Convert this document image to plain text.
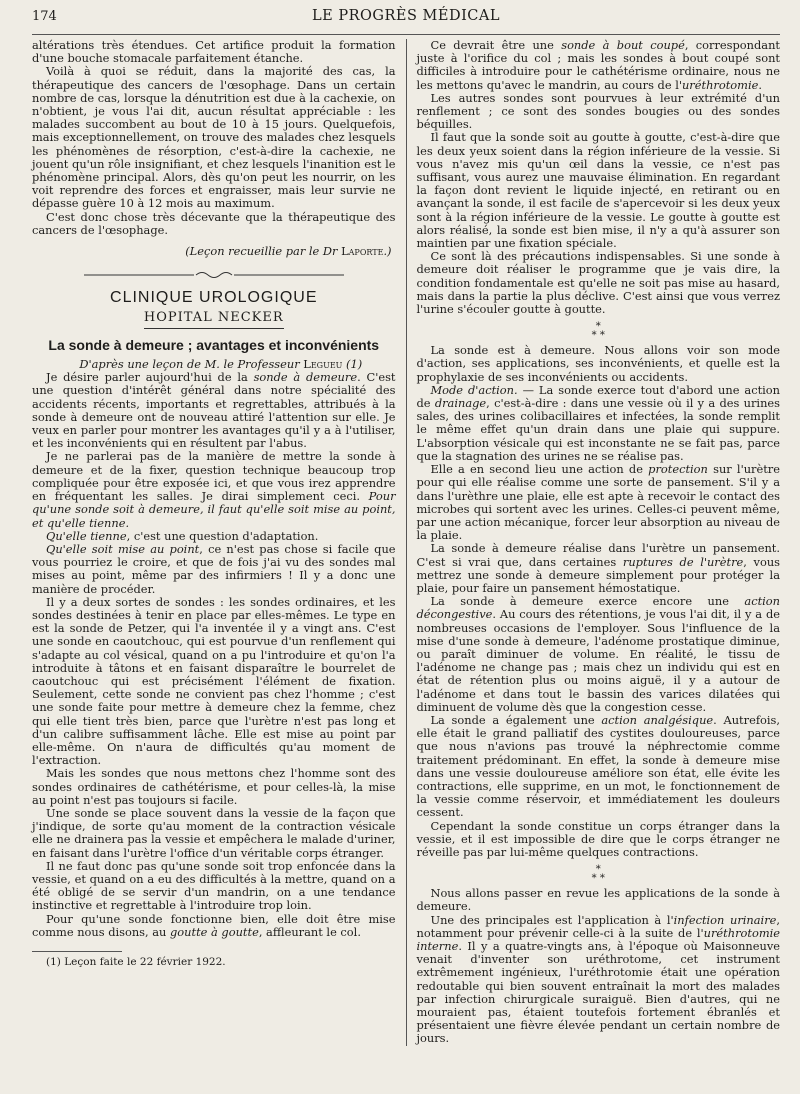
174	LE PROGRÈS MÉDICAL

altérations très étendues. Cet artifice produit la formation d'une bouche stomacale parfaitement étanche.

Voilà à quoi se réduit, dans la majorité des cas, la thérapeutique des cancers de l'œsophage. Dans un certain nombre de cas, lorsque la dénutrition est due à la cachexie, on n'obtient, je vous l'ai dit, aucun résultat appréciable : les malades succombent au bout de 10 à 15 jours. Quelquefois, mais exceptionnellement, on trouve des malades chez lesquels les phénomènes de résorption, c'est-à-dire la cachexie, ne jouent qu'un rôle insignifiant, et chez lesquels l'inanition est le phénomène principal. Alors, dès qu'on peut les nourrir, on les voit reprendre des forces et engraisser, mais leur survie ne dépasse guère 10 à 12 mois au maximum.

C'est donc chose très décevante que la thérapeutique des cancers de l'œsophage.

(Leçon recueillie par le Dr Laporte.)

CLINIQUE UROLOGIQUE
HOPITAL NECKER
La sonde à demeure ; avantages et inconvénients

D'après une leçon de M. le Professeur Legueu (1)

Je désire parler aujourd'hui de la sonde à demeure. C'est une question d'intérêt général dans notre spécialité des accidents récents, importants et regrettables, attribués à la sonde à demeure ont de nouveau attiré l'attention sur elle. Je veux en parler pour montrer les avantages qu'il y a à l'utiliser, et les inconvénients qui en résultent par l'abus.

Je ne parlerai pas de la manière de mettre la sonde à demeure et de la fixer, question technique beaucoup trop compliquée pour être exposée ici, et que vous irez apprendre en fréquentant les salles. Je dirai simplement ceci. Pour qu'une sonde soit à demeure, il faut qu'elle soit mise au point, et qu'elle tienne.

Qu'elle tienne, c'est une question d'adaptation.

Qu'elle soit mise au point, ce n'est pas chose si facile que vous pourriez le croire, et que de fois j'ai vu des sondes mal mises au point, même par des infirmiers ! Il y a donc une manière de procéder.

Il y a deux sortes de sondes : les sondes ordinaires, et les sondes destinées à tenir en place par elles-mêmes. Le type en est la sonde de Petzer, qui l'a inventée il y a vingt ans. C'est une sonde en caoutchouc, qui est pourvue d'un renflement qui s'adapte au col vésical, quand on a pu l'introduire et qu'on l'a introduite à tâtons et en faisant disparaître le bourrelet de caoutchouc qui est précisément l'élément de fixation. Seulement, cette sonde ne convient pas chez l'homme ; c'est une sonde faite pour mettre à demeure chez la femme, chez qui elle tient très bien, parce que l'urètre n'est pas long et d'un calibre suffisamment lâche. Elle est mise au point par elle-même. On n'aura de difficultés qu'au moment de l'extraction.

Mais les sondes que nous mettons chez l'homme sont des sondes ordinaires de cathétérisme, et pour celles-là, la mise au point n'est pas toujours si facile.

Une sonde se place souvent dans la vessie de la façon que j'indique, de sorte qu'au moment de la contraction vésicale elle ne drainera pas la vessie et empêchera le malade d'uriner, en faisant dans l'urètre l'office d'un véritable corps étranger.

Il ne faut donc pas qu'une sonde soit trop enfoncée dans la vessie, et quand on a eu des difficultés à la mettre, quand on a été obligé de se servir d'un mandrin, on a une tendance instinctive et regrettable à l'introduire trop loin.

Pour qu'une sonde fonctionne bien, elle doit être mise comme nous disons, au goutte à goutte, affleurant le col.

(1) Leçon faite le 22 février 1922.

Ce devrait être une sonde à bout coupé, correspondant juste à l'orifice du col ; mais les sondes à bout coupé sont difficiles à introduire pour le cathétérisme ordinaire, nous ne les mettons qu'avec le mandrin, au cours de l'uréthrotomie.

Les autres sondes sont pourvues à leur extrémité d'un renflement ; ce sont des sondes bougies ou des sondes béquilles.

Il faut que la sonde soit au goutte à goutte, c'est-à-dire que les deux yeux soient dans la région inférieure de la vessie. Si vous n'avez mis qu'un œil dans la vessie, ce n'est pas suffisant, vous aurez une mauvaise élimination. En regardant la façon dont revient le liquide injecté, en retirant ou en avançant la sonde, il est facile de s'apercevoir si les deux yeux sont à la région inférieure de la vessie. Le goutte à goutte est alors réalisé, la sonde est bien mise, il n'y a qu'à assurer son maintien par une fixation spéciale.

Ce sont là des précautions indispensables. Si une sonde à demeure doit réaliser le programme que je vais dire, la condition fondamentale est qu'elle ne soit pas mise au hasard, mais dans la partie la plus déclive. C'est ainsi que vous verrez l'urine s'écouler goutte à goutte.

*
* *

La sonde est à demeure. Nous allons voir son mode d'action, ses applications, ses inconvénients, et quelle est la prophylaxie de ses inconvénients ou accidents.

Mode d'action. — La sonde exerce tout d'abord une action de drainage, c'est-à-dire : dans une vessie où il y a des urines sales, des urines colibacillaires et infectées, la sonde remplit le même effet qu'un drain dans une plaie qui suppure. L'absorption vésicale qui est inconstante ne se fait pas, parce que la stagnation des urines ne se réalise pas.

Elle a en second lieu une action de protection sur l'urètre pour qui elle réalise comme une sorte de pansement. S'il y a dans l'urèthre une plaie, elle est apte à recevoir le contact des microbes qui sortent avec les urines. Celles-ci peuvent même, par une action mécanique, forcer leur absorption au niveau de la plaie.

La sonde à demeure réalise dans l'urètre un pansement. C'est si vrai que, dans certaines ruptures de l'urètre, vous mettrez une sonde à demeure simplement pour protéger la plaie, pour faire un pansement hémostatique.

La sonde à demeure exerce encore une action décongestive. Au cours des rétentions, je vous l'ai dit, il y a de nombreuses occasions de l'employer. Sous l'influence de la mise d'une sonde à demeure, l'adénome prostatique diminue, ou paraît diminuer de volume. En réalité, le tissu de l'adénome ne change pas ; mais chez un individu qui est en état de rétention plus ou moins aiguë, il y a autour de l'adénome et dans tout le bassin des varices dilatées qui diminuent de volume dès que la congestion cesse.

La sonde a également une action analgésique. Autrefois, elle était le grand palliatif des cystites douloureuses, parce que nous n'avions pas trouvé la néphrectomie comme traitement prédominant. En effet, la sonde à demeure mise dans une vessie douloureuse améliore son état, elle évite les contractions, elle supprime, en un mot, le fonctionnement de la vessie comme réservoir, et immédiatement les douleurs cessent.

Cependant la sonde constitue un corps étranger dans la vessie, et il est impossible de dire que le corps étranger ne réveille pas par lui-même quelques contractions.

*
* *

Nous allons passer en revue les applications de la sonde à demeure.

Une des principales est l'application à l'infection urinaire, notamment pour prévenir celle-ci à la suite de l'uréthrotomie interne. Il y a quatre-vingts ans, à l'époque où Maisonneuve venait d'inventer son uréthrotome, cet instrument extrêmement ingénieux, l'uréthrotomie était une opération redoutable qui bien souvent entraînait la mort des malades par infection chirurgicale suraiguë. Bien d'autres, qui ne mouraient pas, étaient toutefois fortement ébranlés et présentaient une fièvre élevée pendant un certain nombre de jours.
